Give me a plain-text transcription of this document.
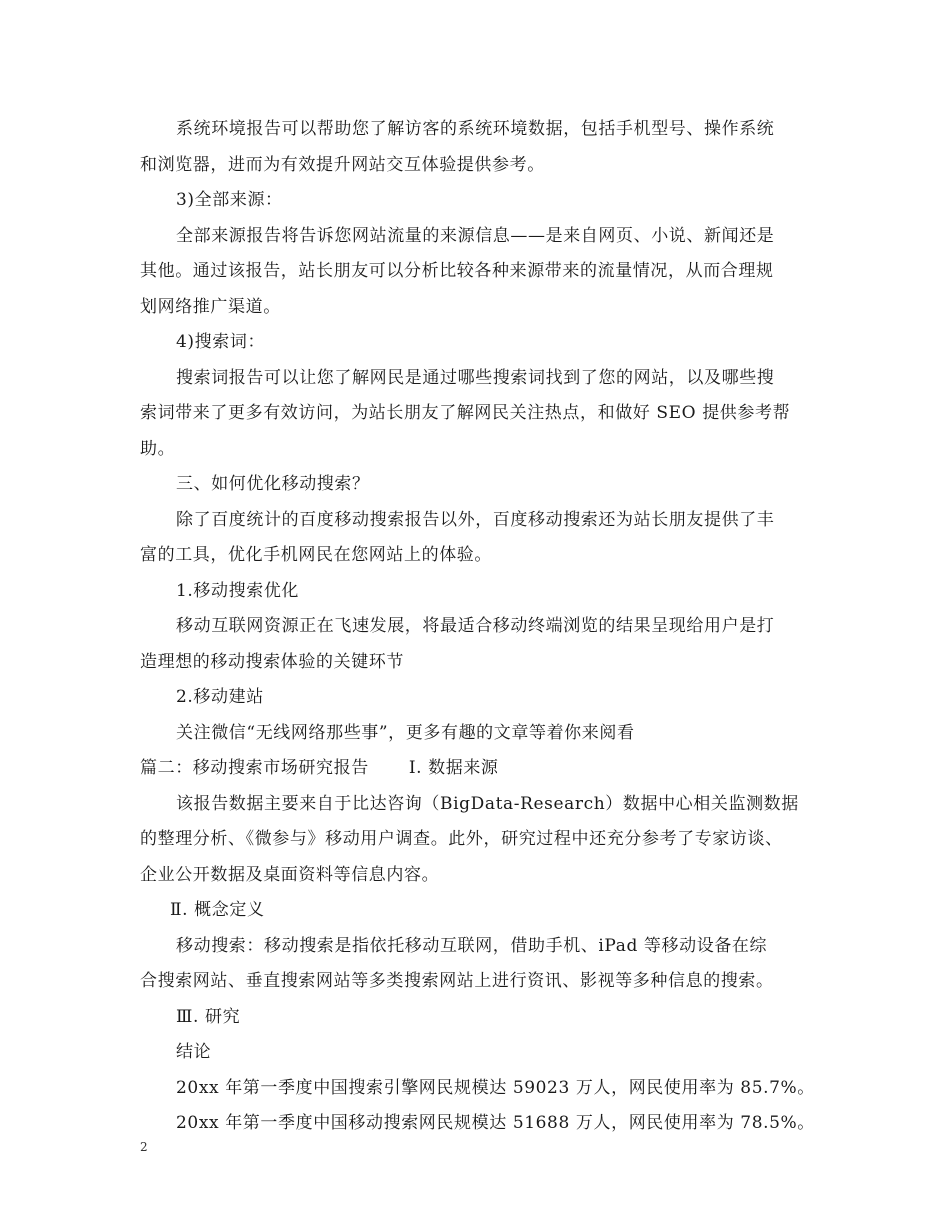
系统环境报告可以帮助您了解访客的系统环境数据，包括手机型号、操作系统
和浏览器，进而为有效提升网站交互体验提供参考。
3)全部来源：
全部来源报告将告诉您网站流量的来源信息——是来自网页、小说、新闻还是
其他。通过该报告，站长朋友可以分析比较各种来源带来的流量情况，从而合理规
划网络推广渠道。
4)搜索词：
搜索词报告可以让您了解网民是通过哪些搜索词找到了您的网站，以及哪些搜
索词带来了更多有效访问，为站长朋友了解网民关注热点，和做好 SEO 提供参考帮
助。
三、如何优化移动搜索？
除了百度统计的百度移动搜索报告以外，百度移动搜索还为站长朋友提供了丰
富的工具，优化手机网民在您网站上的体验。
1.移动搜索优化
移动互联网资源正在飞速发展，将最适合移动终端浏览的结果呈现给用户是打
造理想的移动搜索体验的关键环节
2.移动建站
关注微信“无线网络那些事”，更多有趣的文章等着你来阅看
篇二：移动搜索市场研究报告 Ⅰ. 数据来源
该报告数据主要来自于比达咨询（BigData-Research）数据中心相关监测数据
的整理分析、《微参与》移动用户调查。此外，研究过程中还充分参考了专家访谈、
企业公开数据及桌面资料等信息内容。
Ⅱ. 概念定义
移动搜索：移动搜索是指依托移动互联网，借助手机、iPad 等移动设备在综
合搜索网站、垂直搜索网站等多类搜索网站上进行资讯、影视等多种信息的搜索。
Ⅲ. 研究
结论
20xx 年第一季度中国搜索引擎网民规模达 59023 万人，网民使用率为 85.7%。
20xx 年第一季度中国移动搜索网民规模达 51688 万人，网民使用率为 78.5%。
2
